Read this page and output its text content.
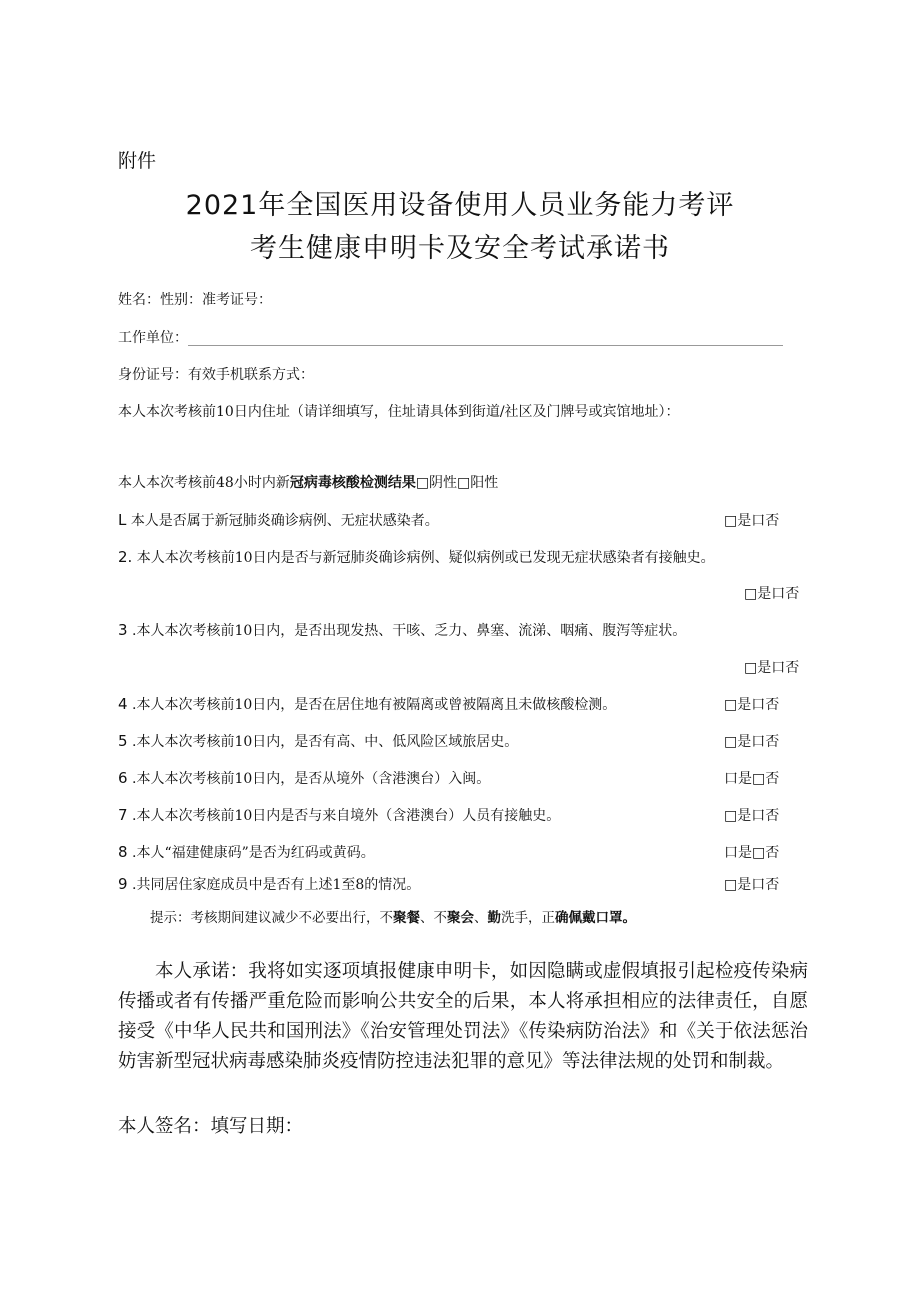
附件
2021年全国医用设备使用人员业务能力考评
考生健康申明卡及安全考试承诺书
姓名：性别：准考证号：
工作单位：
身份证号：有效手机联系方式：
本人本次考核前10日内住址（请详细填写，住址请具体到街道/社区及门牌号或宾馆地址）：
本人本次考核前48小时内新冠病毒核酸检测结果□阴性□阳性
L 本人是否属于新冠肺炎确诊病例、无症状感染者。	□是口否
2. 本人本次考核前10日内是否与新冠肺炎确诊病例、疑似病例或已发现无症状感染者有接触史。
□是口否
3 .本人本次考核前10日内，是否出现发热、干咳、乏力、鼻塞、流涕、咽痛、腹泻等症状。
□是口否
4 .本人本次考核前10日内，是否在居住地有被隔离或曾被隔离且未做核酸检测。	□是口否
5 .本人本次考核前10日内，是否有高、中、低风险区域旅居史。	□是口否
6 .本人本次考核前10日内，是否从境外（含港澳台）入闽。	口是□否
7 .本人本次考核前10日内是否与来自境外（含港澳台）人员有接触史。	□是口否
8 .本人“福建健康码”是否为红码或黄码。	口是□否
9 .共同居住家庭成员中是否有上述1至8的情况。	□是口否
提示：考核期间建议减少不必要出行，不聚餐、不聚会、勤洗手，正确佩戴口罩。

本人承诺：我将如实逐项填报健康申明卡，如因隐瞒或虚假填报引起检疫传染病传播或者有传播严重危险而影响公共安全的后果，本人将承担相应的法律责任，自愿接受《中华人民共和国刑法》《治安管理处罚法》《传染病防治法》和《关于依法惩治妨害新型冠状病毒感染肺炎疫情防控违法犯罪的意见》等法律法规的处罚和制裁。

本人签名：填写日期：
